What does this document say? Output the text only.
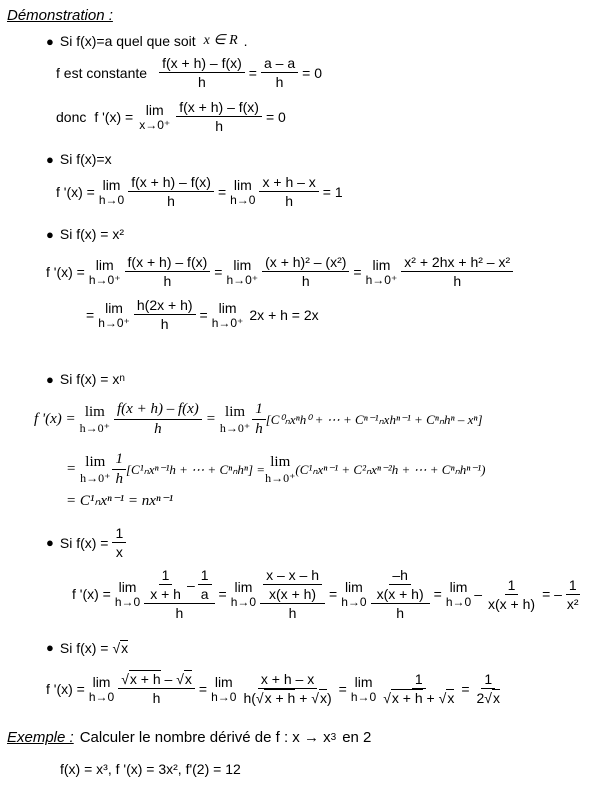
Démonstration :
● Si f(x)=a quel que soit x ∈ R .
f est constante $\frac{f(x + h) - f(x)}{h} = \frac{a - a}{h} = 0$
donc f '(x) = lim
$x\to 0^+ \frac{f(x + h) - f(x)}{h} = 0$
● Si f(x)=x
f '(x) = lim
$h\to 0 \frac{f(x + h) - f(x)}{h} = \lim$
$h\to 0 \frac{x + h - x}{h} = 1$
● Si f(x) = x²
f '(x) = lim
$h\to 0^+ \frac{f(x + h) - f(x)}{h} = \lim$
$h\to 0^+ \frac{\text{(x + h)² – (x²)}}{h} = \lim$
$h\to 0^+ \frac{\text{x² + 2hx + h² – x²}}{h}$
= lim
$h\to 0^+ \frac{h(2x + h)}{h} = \lim$
h→0⁺ 2x + h = 2x
● Si f(x) = x n
f '(x) = lim
$h\to 0^+ \frac{f(x + h) - f(x)}{h} = \lim$
$h\to 0^+ \frac{1}{h} [C^0_nx^nh^0$ + ⋯ + Cⁿ⁻¹ₙxhⁿ⁻¹ + Cⁿₙhⁿ – xⁿ]
= lim
$h\to 0^+ \frac{1}{h} [C^1_nx^{n-1}h$ + ⋯ + Cⁿₙhⁿ] = lim
h→0⁺
(C¹ₙxⁿ⁻¹ + C²ₙxⁿ⁻²h + ⋯ + Cⁿₙhⁿ⁻¹)
= C¹ₙxⁿ⁻¹ = nxⁿ⁻¹
● Si $f(x) = \frac{1}{x}$
f '(x) = lim
$h\to 0 \frac{\frac{1}{x + h} - \frac{1}{a}}{h} = \lim$
$h\to 0 \frac{\frac{x - x - h}{x(x + h)}}{h} = \lim$
$h\to 0 \frac{\frac{-h}{x(x + h)}}{h} = \lim$
$h\to 0 - \frac{1}{x(x + h)}$ = – $\frac{1}{\text{x²}}$
● Si f(x) = √ x
f '(x) = lim
$h\to 0 \frac{√x + h - √x}{h} = \lim$
$h\to 0 \frac{x + h - x}{h(√x + h + √x)} = \lim$
$h\to 0 \frac{1}{√x + h + √x} = \frac{1}{2√x}$
Exemple : Calculer le nombre dérivé de f : x → x 3 en 2
f(x) = x³, f '(x) = 3x², f'(2) = 12
